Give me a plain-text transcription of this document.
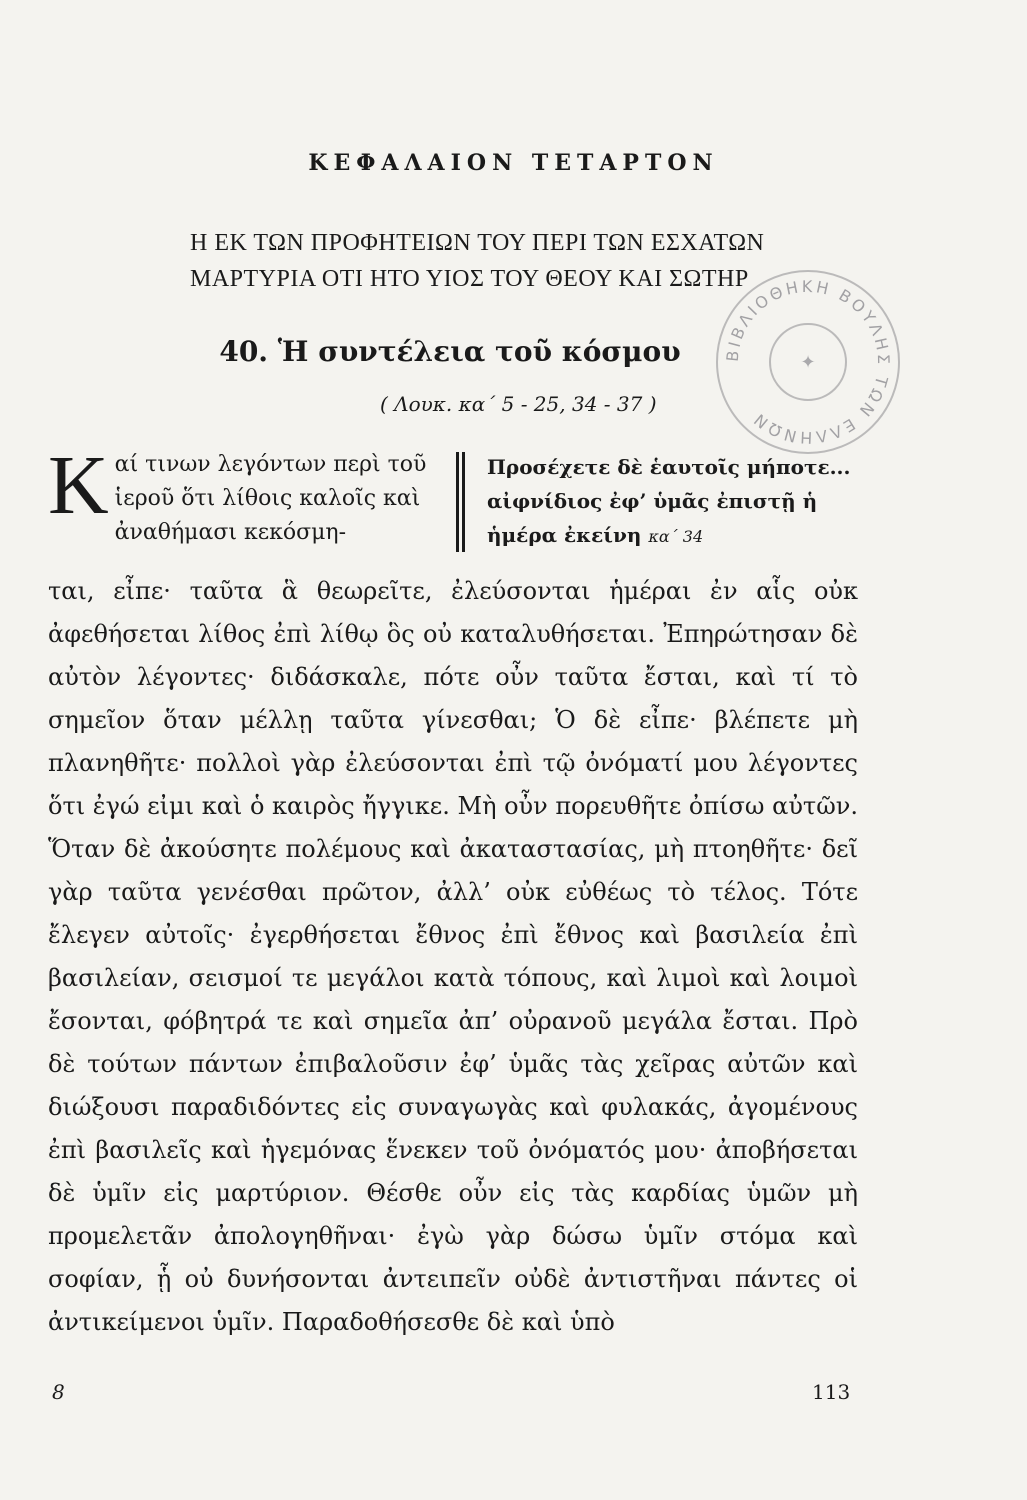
ΚΕΦΑΛΑΙΟΝ ΤΕΤΑΡΤΟΝ
Η ΕΚ ΤΩΝ ΠΡΟΦΗΤΕΙΩΝ ΤΟΥ ΠΕΡΙ ΤΩΝ ΕΣΧΑΤΩΝ
ΜΑΡΤΥΡΙΑ ΟΤΙ ΗΤΟ ΥΙΟΣ ΤΟΥ ΘΕΟΥ ΚΑΙ ΣΩΤΗΡ
ΒΙΒΛΙΟΘΗΚΗ ΒΟΥΛΗΣ ΤΩΝ ΕΛΛΗΝΩΝ
✦
40. Ἡ συντέλεια τοῦ κόσμου
( Λουκ. κα΄ 5 - 25, 34 - 37 )
Κ αί τινων λεγόντων περὶ τοῦ ἱεροῦ ὅτι λίθοις καλοῖς καὶ ἀναθήμασι κεκόσμη-
Προσέχετε δὲ ἑαυτοῖς μήποτε... αἰφνίδιος ἐφ’ ὑμᾶς ἐπιστῇ ἡ ἡμέρα ἐκείνη κα΄ 34
ται, εἶπε· ταῦτα ἃ θεωρεῖτε, ἐλεύσονται ἡμέραι ἐν αἷς οὐκ ἀφεθήσεται λίθος ἐπὶ λίθῳ ὃς οὐ καταλυθήσεται. Ἐπηρώτησαν δὲ αὐτὸν λέγοντες· διδάσκαλε, πότε οὖν ταῦτα ἔσται, καὶ τί τὸ σημεῖον ὅταν μέλλῃ ταῦτα γίνεσθαι; Ὁ δὲ εἶπε· βλέπετε μὴ πλανηθῆτε· πολλοὶ γὰρ ἐλεύσονται ἐπὶ τῷ ὀνόματί μου λέγοντες ὅτι ἐγώ εἰμι καὶ ὁ καιρὸς ἤγγικε. Μὴ οὖν πορευθῆτε ὀπίσω αὐτῶν. Ὅταν δὲ ἀκούσητε πολέμους καὶ ἀκαταστασίας, μὴ πτοηθῆτε· δεῖ γὰρ ταῦτα γενέσθαι πρῶτον, ἀλλ’ οὐκ εὐθέως τὸ τέλος. Τότε ἔλεγεν αὐτοῖς· ἐγερθήσεται ἔθνος ἐπὶ ἔθνος καὶ βασιλεία ἐπὶ βασιλείαν, σεισμοί τε μεγάλοι κατὰ τόπους, καὶ λιμοὶ καὶ λοιμοὶ ἔσονται, φόβητρά τε καὶ σημεῖα ἀπ’ οὐρανοῦ μεγάλα ἔσται. Πρὸ δὲ τούτων πάντων ἐπιβαλοῦσιν ἐφ’ ὑμᾶς τὰς χεῖρας αὐτῶν καὶ διώξουσι παραδιδόντες εἰς συναγωγὰς καὶ φυλακάς, ἀγομένους ἐπὶ βασιλεῖς καὶ ἡγεμόνας ἕνεκεν τοῦ ὀνόματός μου· ἀποβήσεται δὲ ὑμῖν εἰς μαρτύριον. Θέσθε οὖν εἰς τὰς καρδίας ὑμῶν μὴ προμελετᾶν ἀπολογηθῆναι· ἐγὼ γὰρ δώσω ὑμῖν στόμα καὶ σοφίαν, ᾗ οὐ δυνήσονται ἀντειπεῖν οὐδὲ ἀντιστῆναι πάντες οἱ ἀντικείμενοι ὑμῖν. Παραδοθήσεσθε δὲ καὶ ὑπὸ
8	113
